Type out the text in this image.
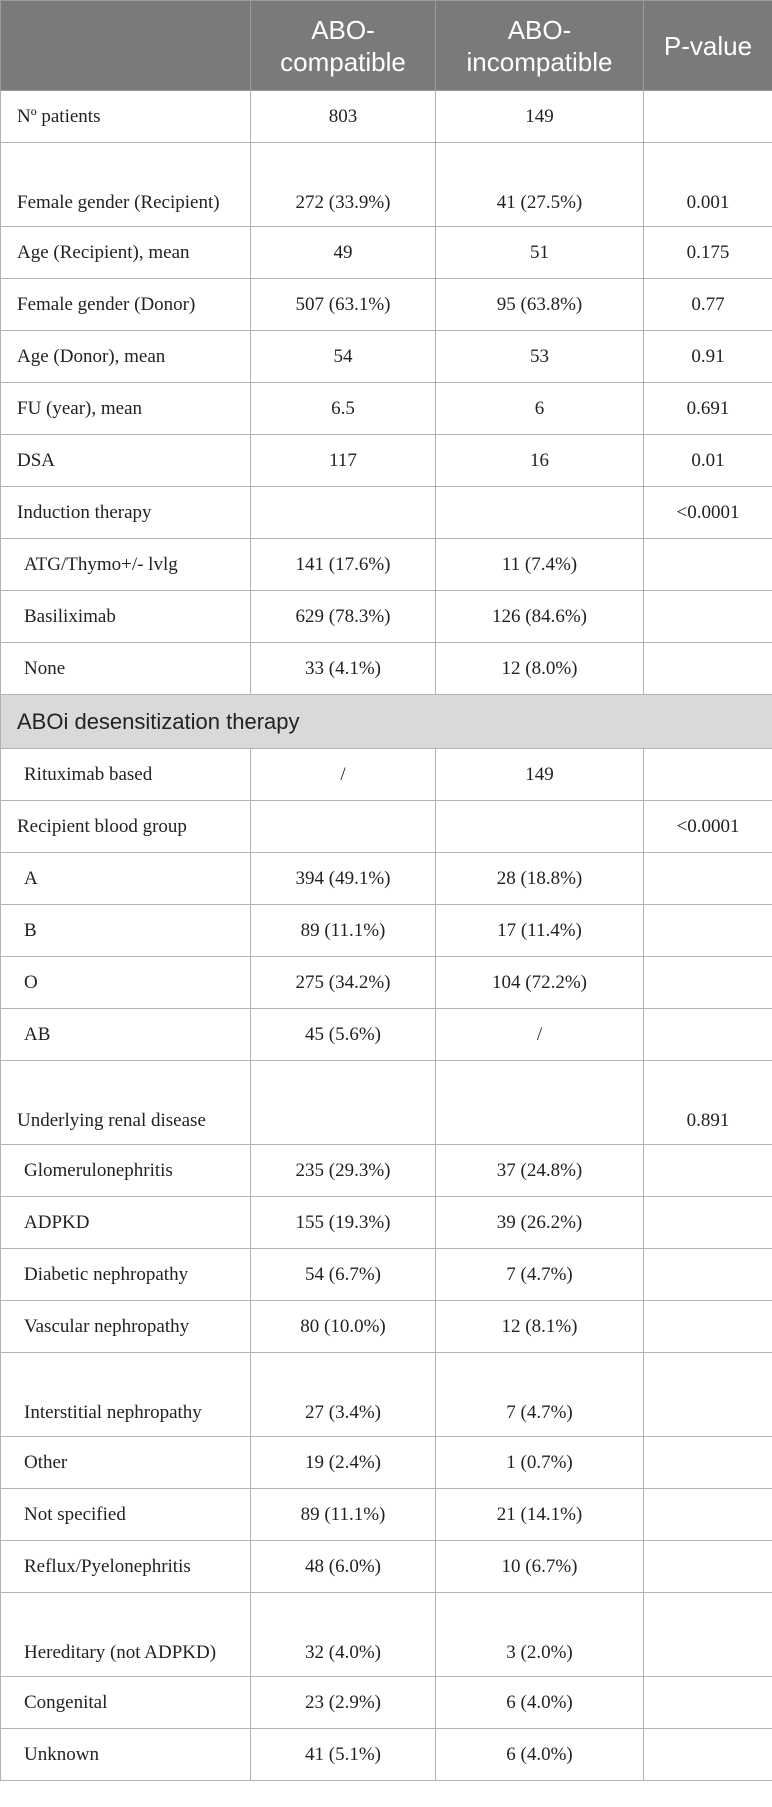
	ABO-compatible	ABO-incompatible	P-value
Nº patients	803	149	
Female gender (Recipient)	272 (33.9%)	41 (27.5%)	0.001
Age (Recipient), mean	49	51	0.175
Female gender (Donor)	507 (63.1%)	95 (63.8%)	0.77
Age (Donor), mean	54	53	0.91
FU (year), mean	6.5	6	0.691
DSA	117	16	0.01
Induction therapy			<0.0001
ATG/Thymo+/- lvlg	141 (17.6%)	11 (7.4%)	
Basiliximab	629 (78.3%)	126 (84.6%)	
None	33 (4.1%)	12 (8.0%)	
ABOi desensitization therapy			
Rituximab based	/	149	
Recipient blood group			<0.0001
A	394 (49.1%)	28 (18.8%)	
B	89 (11.1%)	17 (11.4%)	
O	275 (34.2%)	104 (72.2%)	
AB	45 (5.6%)	/	
Underlying renal disease			0.891
Glomerulonephritis	235 (29.3%)	37 (24.8%)	
ADPKD	155 (19.3%)	39 (26.2%)	
Diabetic nephropathy	54 (6.7%)	7 (4.7%)	
Vascular nephropathy	80 (10.0%)	12 (8.1%)	
Interstitial nephropathy	27 (3.4%)	7 (4.7%)	
Other	19 (2.4%)	1 (0.7%)	
Not specified	89 (11.1%)	21 (14.1%)	
Reflux/Pyelonephritis	48 (6.0%)	10 (6.7%)	
Hereditary (not ADPKD)	32 (4.0%)	3 (2.0%)	
Congenital	23 (2.9%)	6 (4.0%)	
Unknown	41 (5.1%)	6 (4.0%)	
